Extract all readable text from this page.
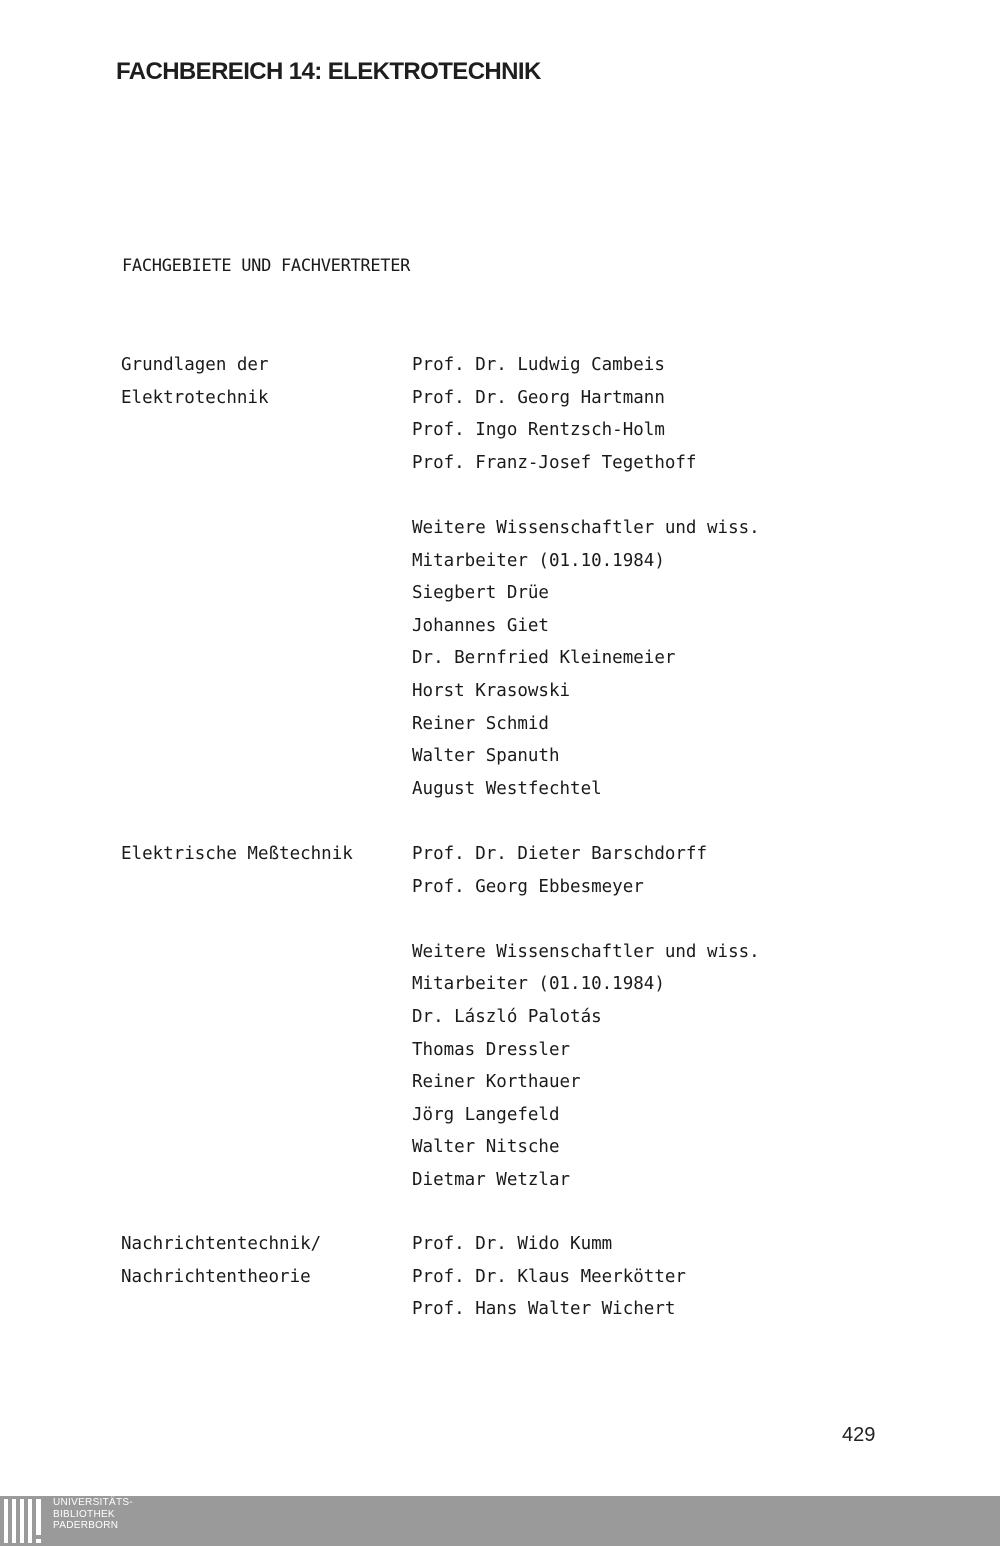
FACHBEREICH 14: ELEKTROTECHNIK
FACHGEBIETE UND FACHVERTRETER
Grundlagen der
Elektrotechnik
Prof. Dr. Ludwig Cambeis
Prof. Dr. Georg Hartmann
Prof. Ingo Rentzsch-Holm
Prof. Franz-Josef Tegethoff
Weitere Wissenschaftler und wiss.
Mitarbeiter (01.10.1984)
Siegbert Drüe
Johannes Giet
Dr. Bernfried Kleinemeier
Horst Krasowski
Reiner Schmid
Walter Spanuth
August Westfechtel
Elektrische Meßtechnik	Prof. Dr. Dieter Barschdorff
Prof. Georg Ebbesmeyer
Weitere Wissenschaftler und wiss.
Mitarbeiter (01.10.1984)
Dr. László Palotás
Thomas Dressler
Reiner Korthauer
Jörg Langefeld
Walter Nitsche
Dietmar Wetzlar
Nachrichtentechnik/
Nachrichtentheorie
Prof. Dr. Wido Kumm
Prof. Dr. Klaus Meerkötter
Prof. Hans Walter Wichert
429
UNIVERSITÄTS-
BIBLIOTHEK
PADERBORN
